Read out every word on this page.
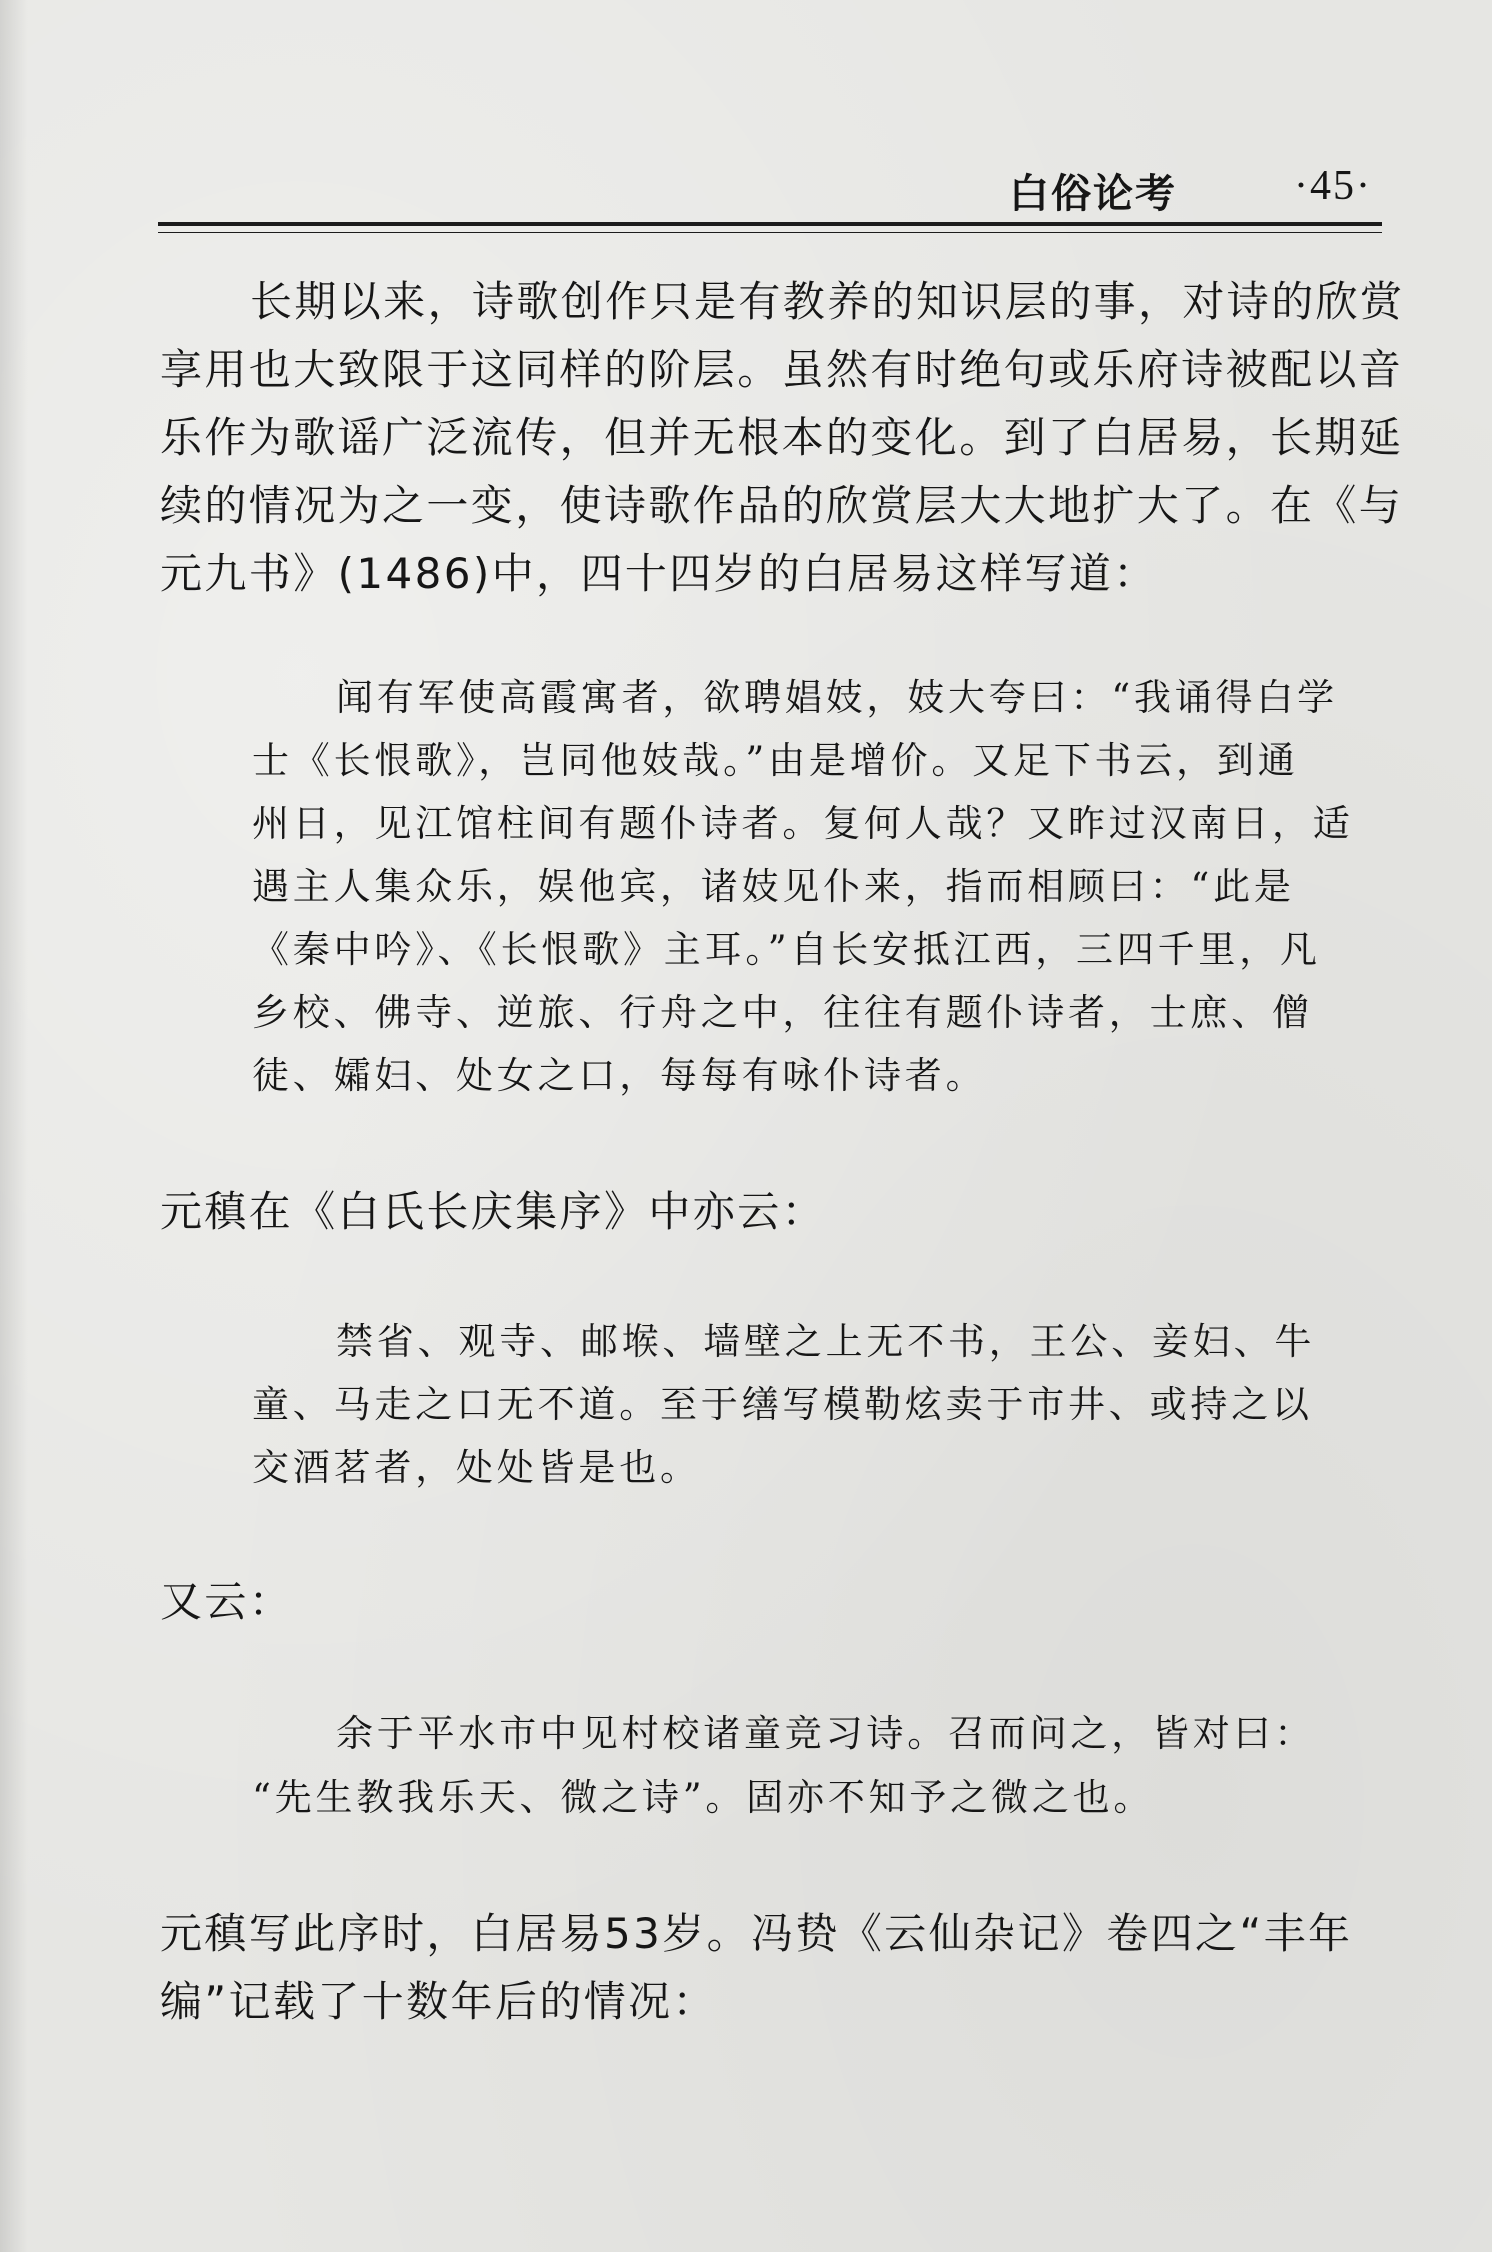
白俗论考	·45·
长期以来，诗歌创作只是有教养的知识层的事，对诗的欣赏
享用也大致限于这同样的阶层。虽然有时绝句或乐府诗被配以音
乐作为歌谣广泛流传，但并无根本的变化。到了白居易，长期延
续的情况为之一变，使诗歌作品的欣赏层大大地扩大了。在《与
元九书》(1486)中，四十四岁的白居易这样写道：
闻有军使高霞寓者，欲聘娼妓，妓大夸曰：“我诵得白学
士《长恨歌》，岂同他妓哉。”由是增价。又足下书云，到通
州日，见江馆柱间有题仆诗者。复何人哉？又昨过汉南日，适
遇主人集众乐，娱他宾，诸妓见仆来，指而相顾曰：“此是
《秦中吟》、《长恨歌》主耳。”自长安抵江西，三四千里，凡
乡校、佛寺、逆旅、行舟之中，往往有题仆诗者，士庶、僧
徒、孀妇、处女之口，每每有咏仆诗者。
元稹在《白氏长庆集序》中亦云：
禁省、观寺、邮堠、墙壁之上无不书，王公、妾妇、牛
童、马走之口无不道。至于缮写模勒炫卖于市井、或持之以
交酒茗者，处处皆是也。
又云：
余于平水市中见村校诸童竞习诗。召而问之，皆对曰：
“先生教我乐天、微之诗”。固亦不知予之微之也。
元稹写此序时，白居易53岁。冯贽《云仙杂记》卷四之“丰年
编”记载了十数年后的情况：
